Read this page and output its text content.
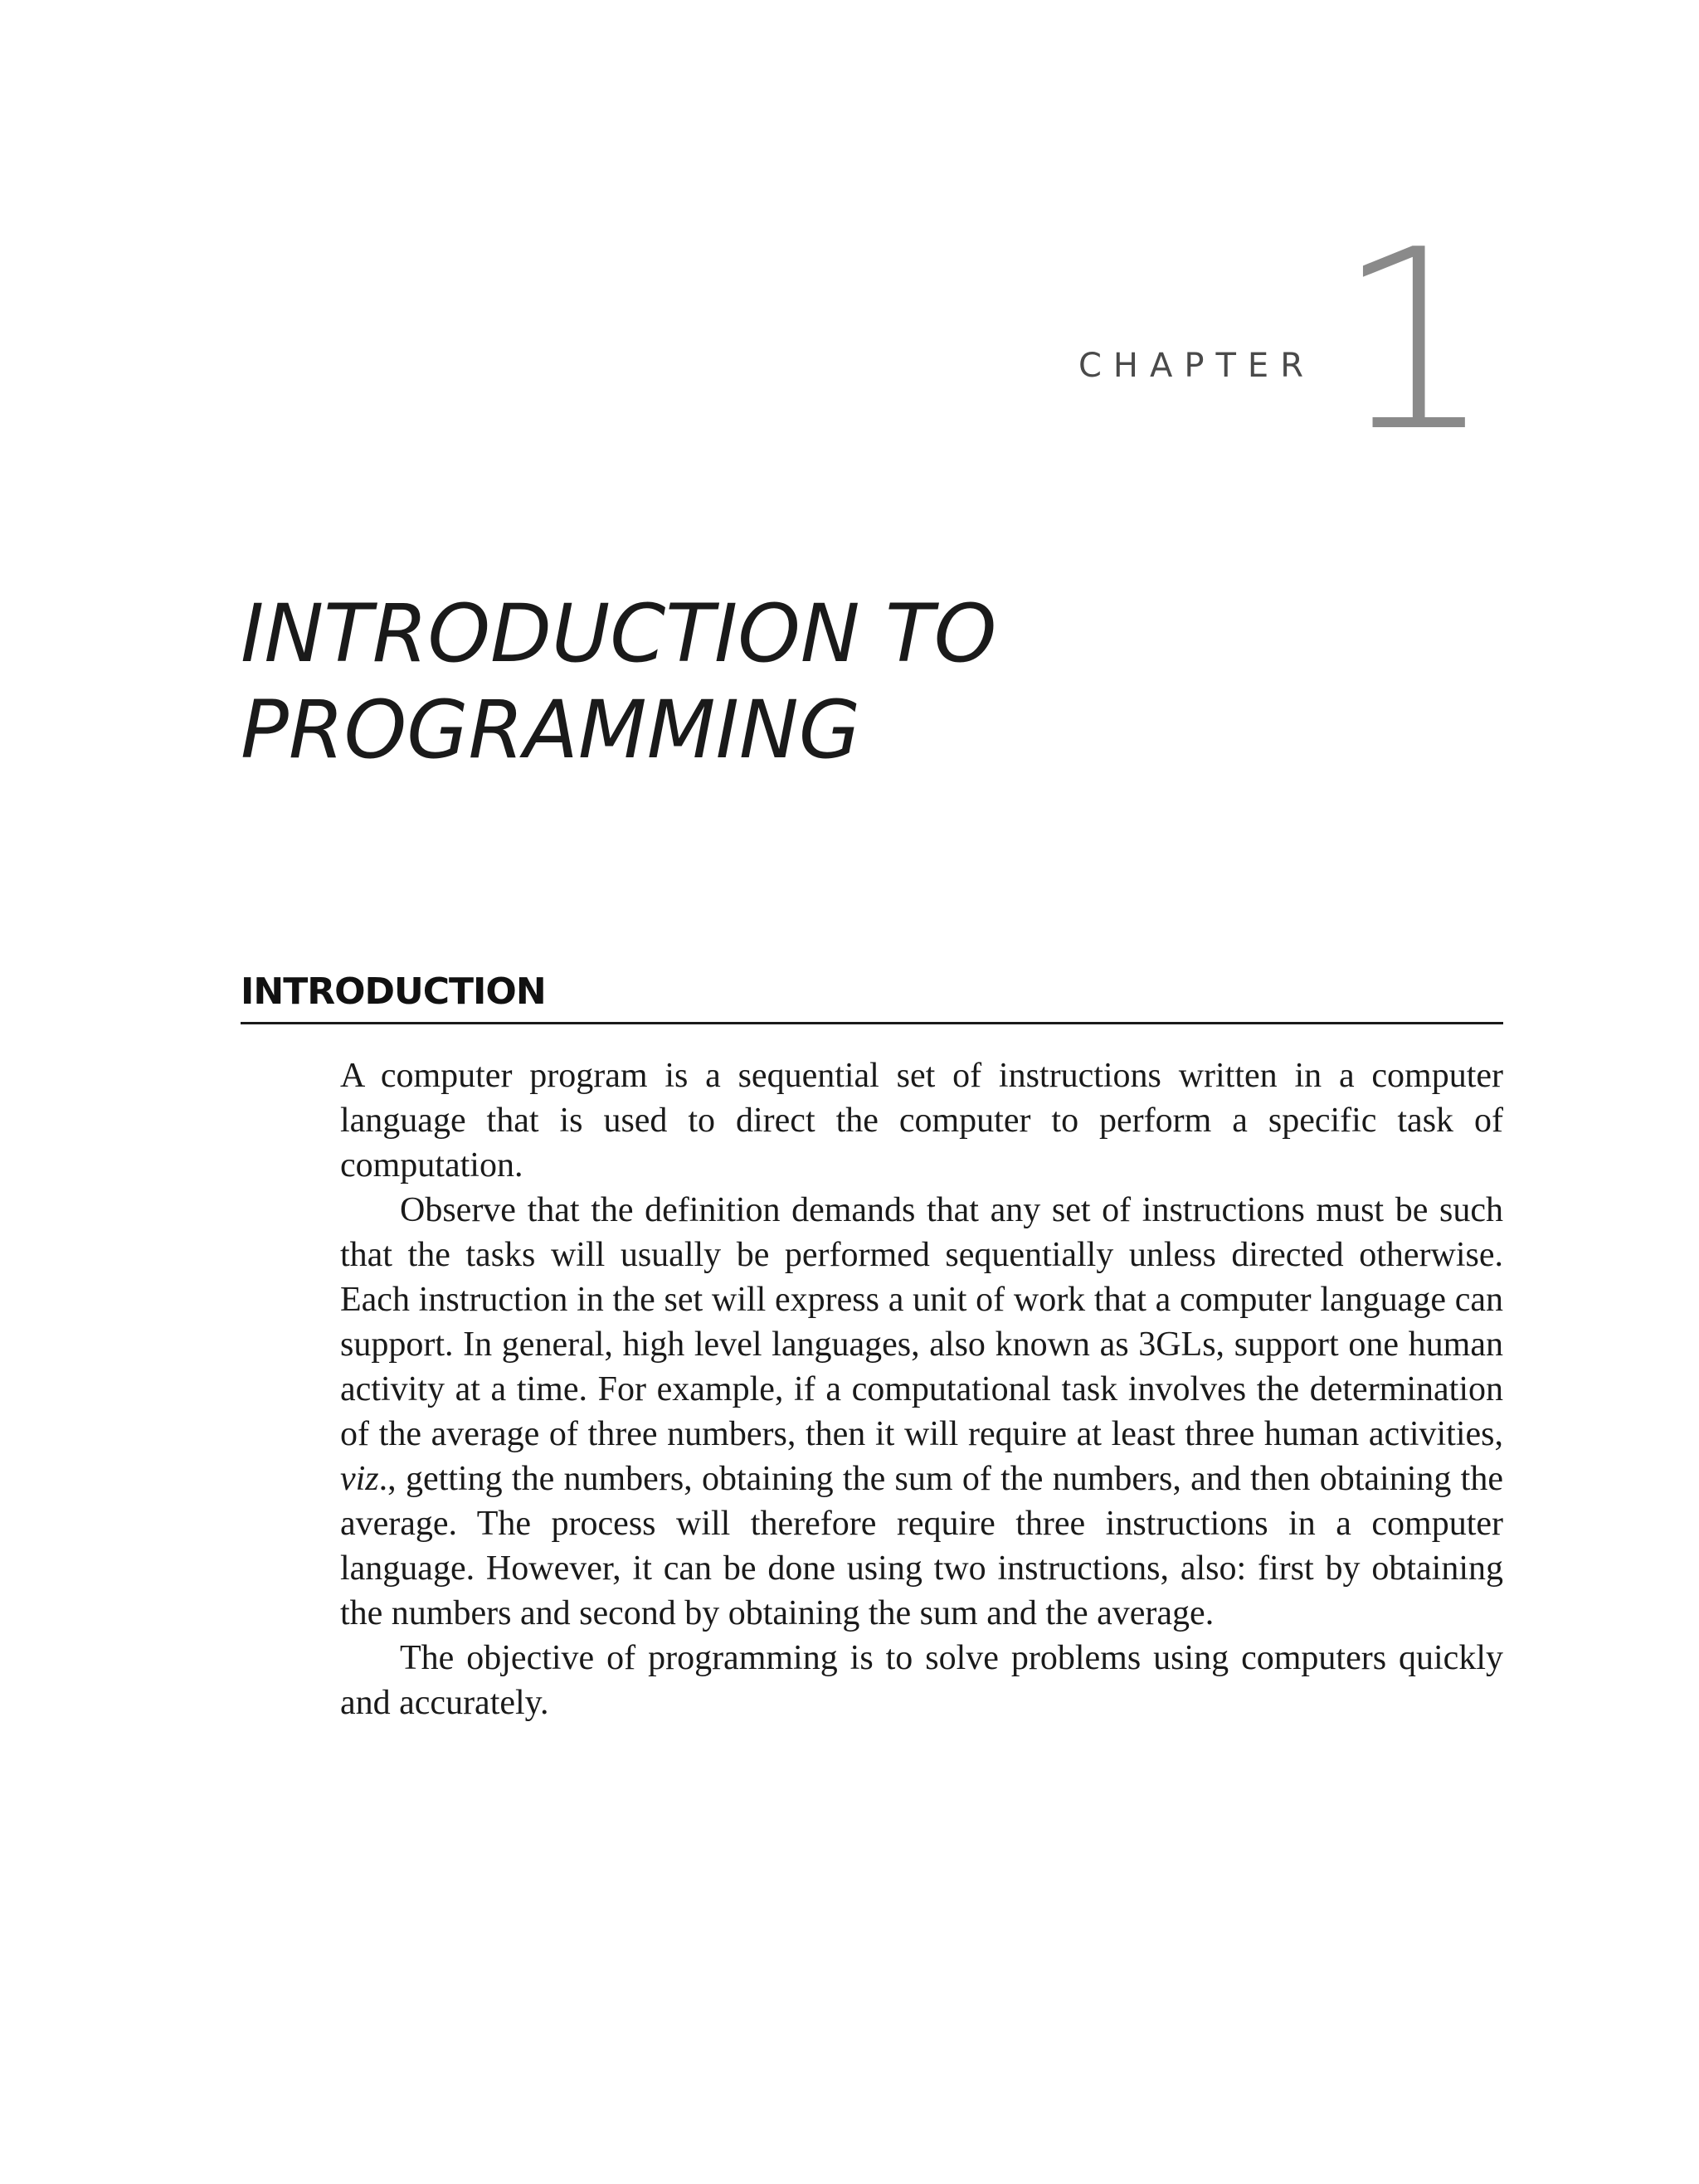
CHAPTER 1
INTRODUCTION TO
PROGRAMMING
INTRODUCTION

A computer program is a sequential set of instructions written in a computer language that is used to direct the computer to perform a specific task of computation.

Observe that the definition demands that any set of instructions must be such that the tasks will usually be performed sequentially unless directed otherwise. Each instruction in the set will express a unit of work that a computer language can support. In general, high level languages, also known as 3GLs, support one human activity at a time. For example, if a computational task involves the determination of the average of three numbers, then it will require at least three human activities, viz., getting the numbers, obtaining the sum of the numbers, and then obtaining the average. The process will therefore require three instructions in a computer language. However, it can be done using two instructions, also: first by obtaining the numbers and second by obtaining the sum and the average.

The objective of programming is to solve problems using computers quickly and accurately.
